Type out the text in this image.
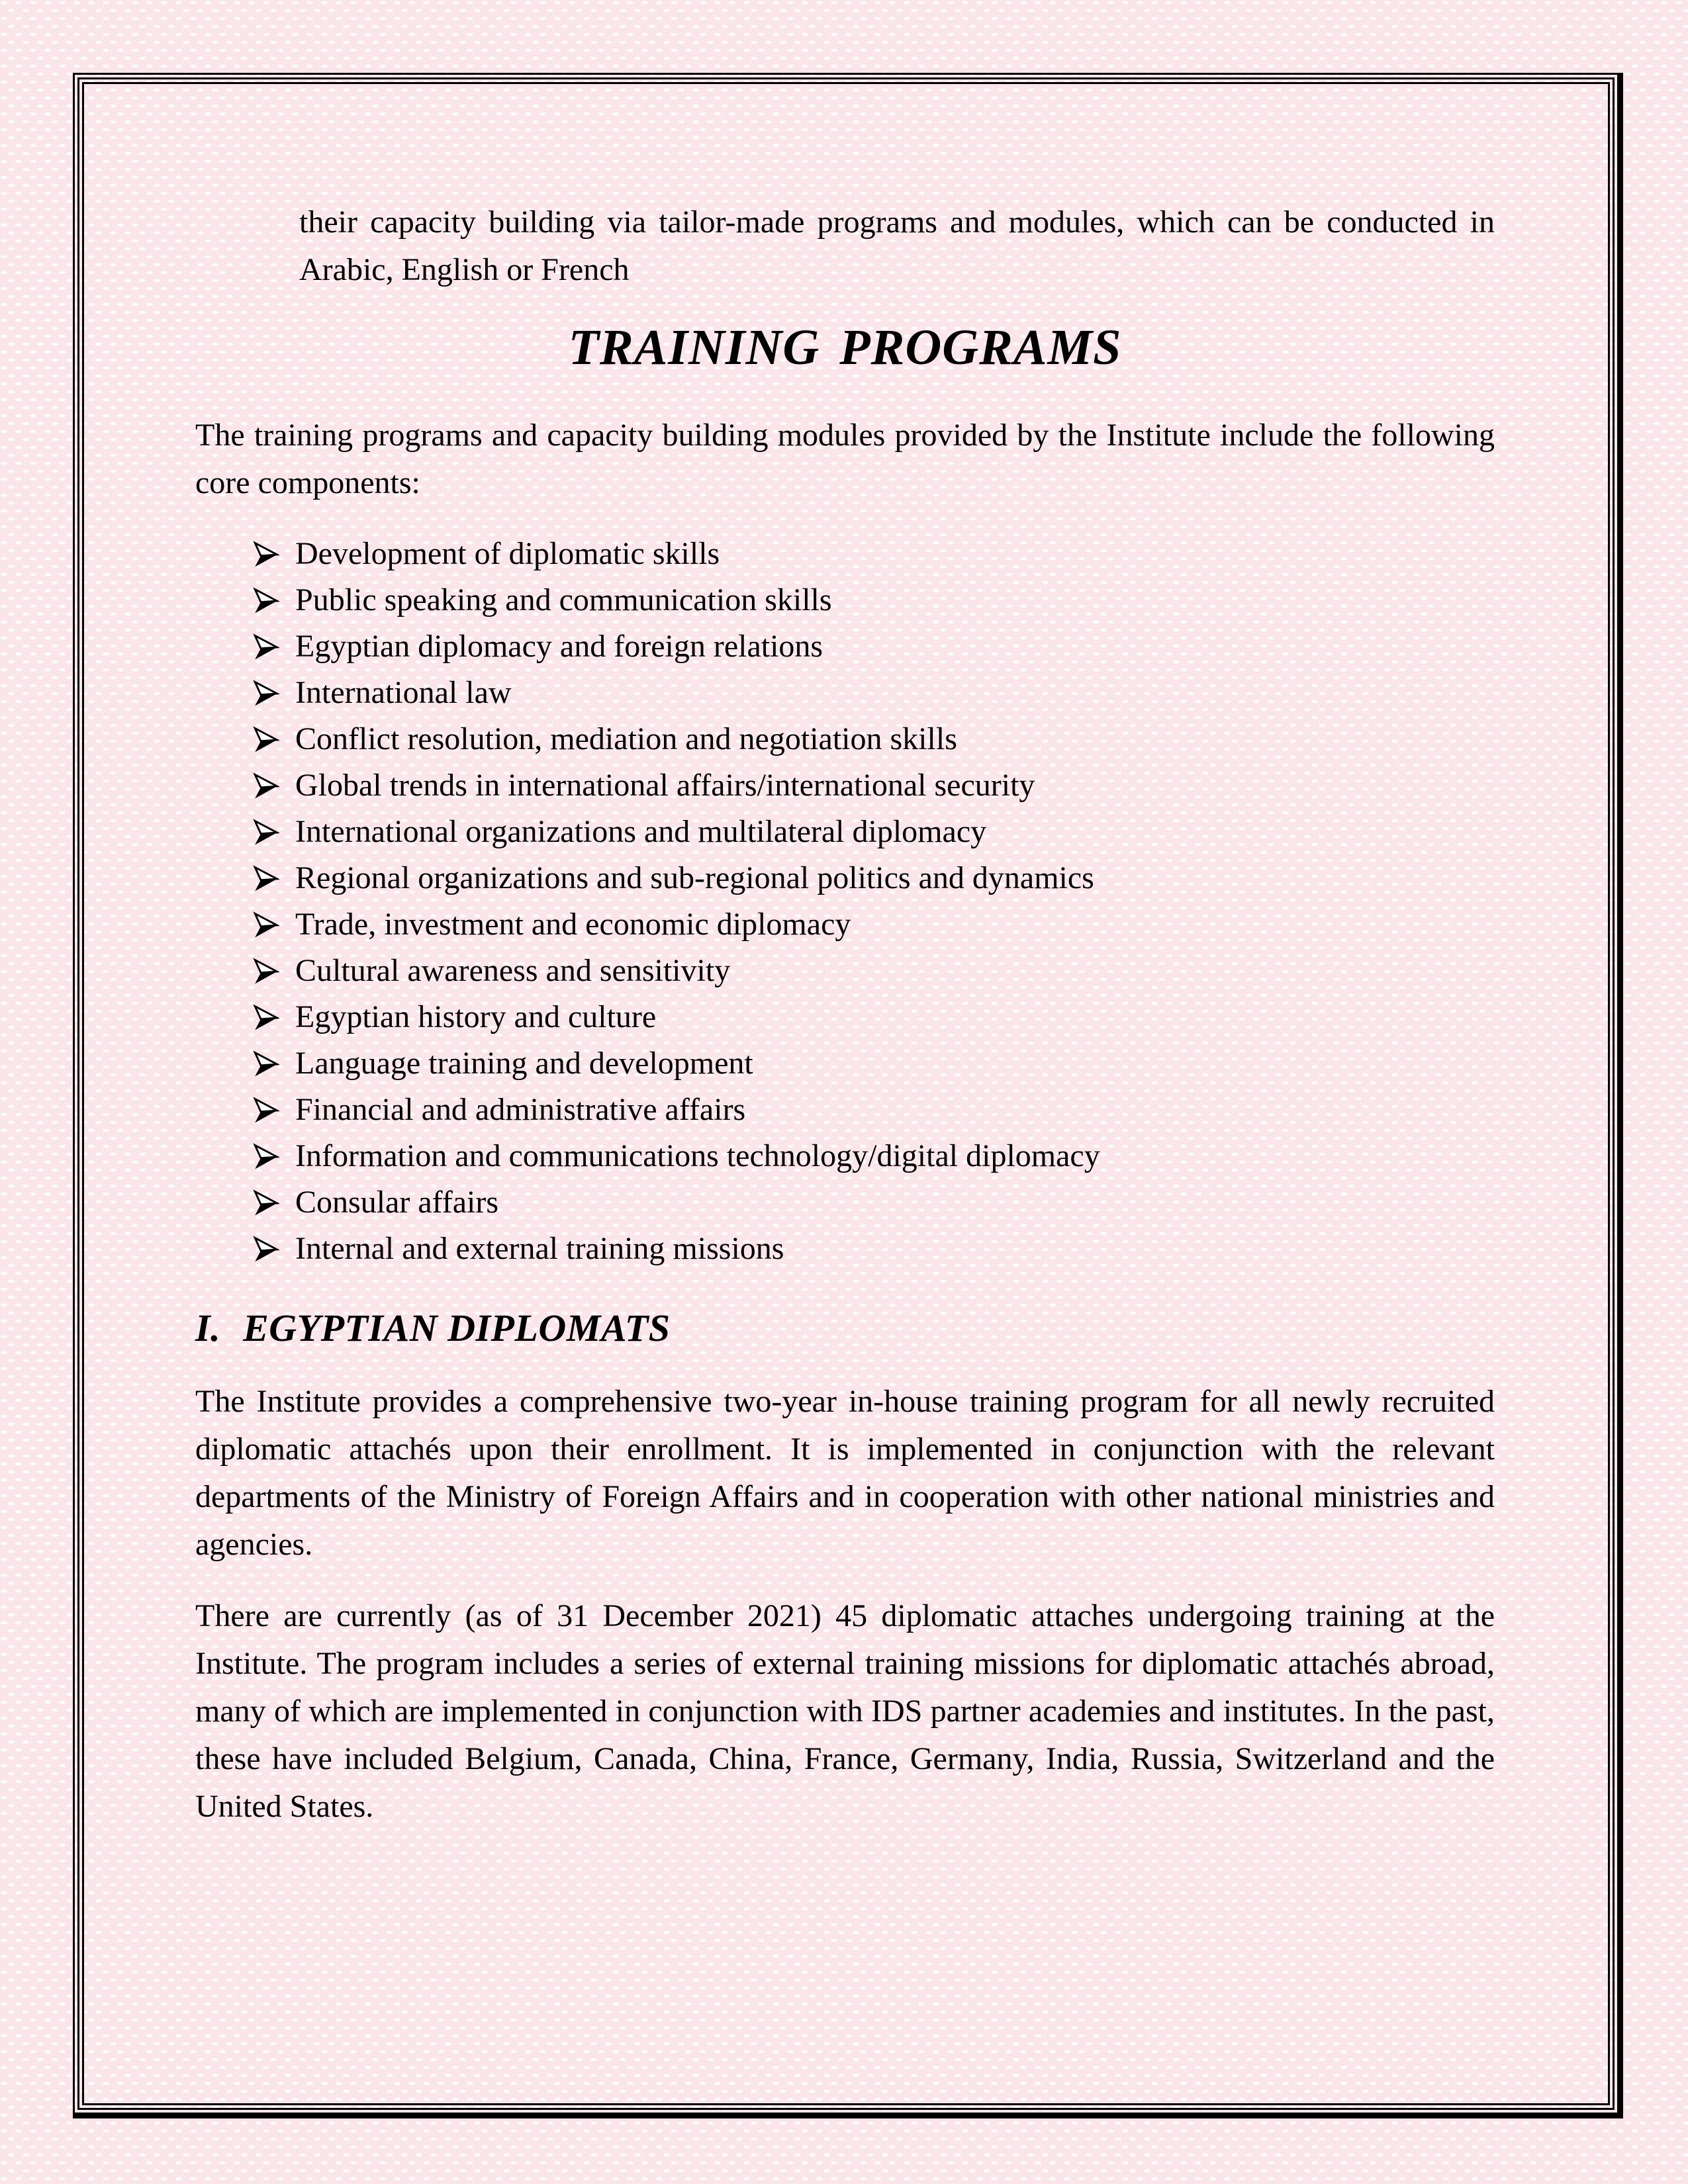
their capacity building via tailor-made programs and modules, which can be conducted in Arabic, English or French

TRAINING PROGRAMS

The training programs and capacity building modules provided by the Institute include the following core components:

Development of diplomatic skills
Public speaking and communication skills
Egyptian diplomacy and foreign relations
International law
Conflict resolution, mediation and negotiation skills
Global trends in international affairs/international security
International organizations and multilateral diplomacy
Regional organizations and sub-regional politics and dynamics
Trade, investment and economic diplomacy
Cultural awareness and sensitivity
Egyptian history and culture
Language training and development
Financial and administrative affairs
Information and communications technology/digital diplomacy
Consular affairs
Internal and external training missions
I. EGYPTIAN DIPLOMATS

The Institute provides a comprehensive two-year in-house training program for all newly recruited diplomatic attachés upon their enrollment. It is implemented in conjunction with the relevant departments of the Ministry of Foreign Affairs and in cooperation with other national ministries and agencies.

There are currently (as of 31 December 2021) 45 diplomatic attaches undergoing training at the Institute. The program includes a series of external training missions for diplomatic attachés abroad, many of which are implemented in conjunction with IDS partner academies and institutes. In the past, these have included Belgium, Canada, China, France, Germany, India, Russia, Switzerland and the United States.
